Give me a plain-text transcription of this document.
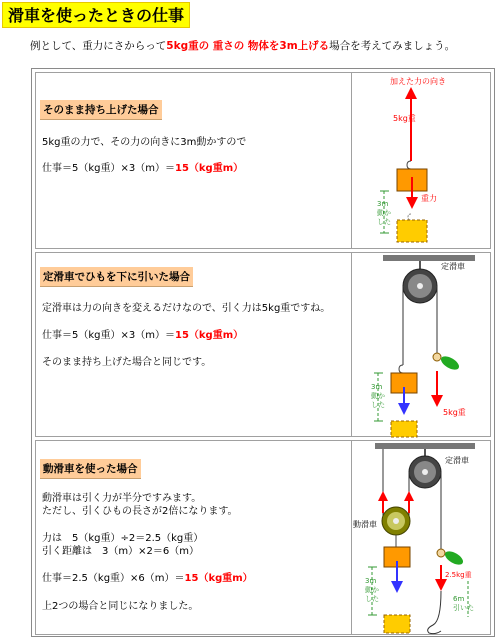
滑車を使ったときの仕事
例として、重力にさからって5kg重の 重さの 物体を3m上げる場合を考えてみましょう。
そのまま持ち上げた場合
5kg重の力で、その力の向きに3m動かすので
仕事＝5（kg重）×3（m）＝15（kg重m）
加えた力の向き
5kg重
重力
3m
動か
した
定滑車でひもを下に引いた場合
定滑車は力の向きを変えるだけなので、引く力は5kg重ですね。
仕事＝5（kg重）×3（m）＝15（kg重m）
そのまま持ち上げた場合と同じです。
定滑車
3m
動か
した
5kg重
動滑車を使った場合
動滑車は引く力が半分ですみます。
ただし、引くひもの長さが2倍になります。
力は　5（kg重）÷2＝2.5（kg重）
引く距離は　3（m）×2＝6（m）
仕事＝2.5（kg重）×6（m）＝15（kg重m）
上2つの場合と同じになりました。
定滑車
動滑車
3m
動か
した
2.5kg重
6m
引いた
